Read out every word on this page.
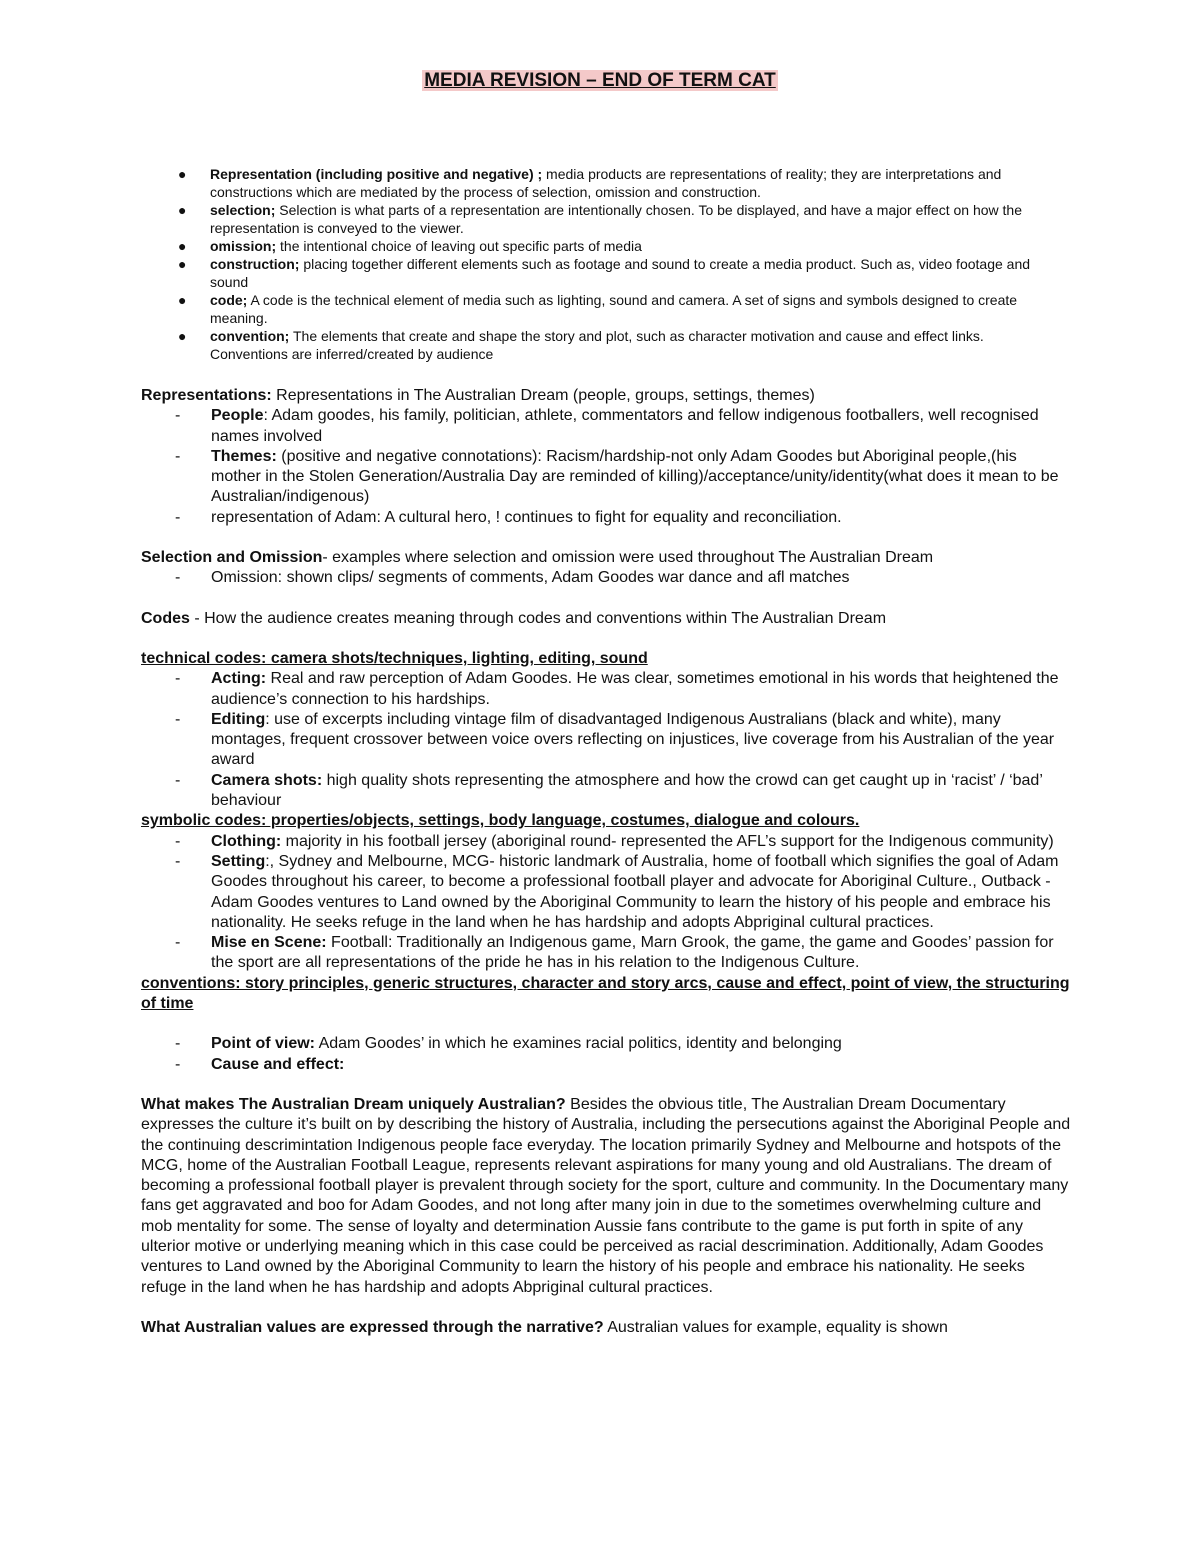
MEDIA REVISION – END OF TERM CAT

● Representation (including positive and negative) ; media products are representations of reality; they are interpretations and constructions which are mediated by the process of selection, omission and construction.

● selection; Selection is what parts of a representation are intentionally chosen. To be displayed, and have a major effect on how the representation is conveyed to the viewer.

● omission; the intentional choice of leaving out specific parts of media

● construction; placing together different elements such as footage and sound to create a media product. Such as, video footage and sound

● code; A code is the technical element of media such as lighting, sound and camera. A set of signs and symbols designed to create meaning.

● convention; The elements that create and shape the story and plot, such as character motivation and cause and effect links. Conventions are inferred/created by audience

Representations: Representations in The Australian Dream (people, groups, settings, themes)

- People: Adam goodes, his family, politician, athlete, commentators and fellow indigenous footballers, well recognised names involved

- Themes: (positive and negative connotations): Racism/hardship-not only Adam Goodes but Aboriginal people,(his mother in the Stolen Generation/Australia Day are reminded of killing)/acceptance/unity/identity(what does it mean to be Australian/indigenous)

- representation of Adam: A cultural hero, ! continues to fight for equality and reconciliation.

Selection and Omission- examples where selection and omission were used throughout The Australian Dream

- Omission: shown clips/ segments of comments, Adam Goodes war dance and afl matches

Codes - How the audience creates meaning through codes and conventions within The Australian Dream

technical codes: camera shots/techniques, lighting, editing, sound

- Acting: Real and raw perception of Adam Goodes. He was clear, sometimes emotional in his words that heightened the audience’s connection to his hardships.

- Editing: use of excerpts including vintage film of disadvantaged Indigenous Australians (black and white), many montages, frequent crossover between voice overs reflecting on injustices, live coverage from his Australian of the year award

- Camera shots: high quality shots representing the atmosphere and how the crowd can get caught up in ‘racist’ / ‘bad’ behaviour

symbolic codes: properties/objects, settings, body language, costumes, dialogue and colours.

- Clothing: majority in his football jersey (aboriginal round- represented the AFL’s support for the Indigenous community)

- Setting:, Sydney and Melbourne, MCG- historic landmark of Australia, home of football which signifies the goal of Adam Goodes throughout his career, to become a professional football player and advocate for Aboriginal Culture., Outback - Adam Goodes ventures to Land owned by the Aboriginal Community to learn the history of his people and embrace his nationality. He seeks refuge in the land when he has hardship and adopts Abpriginal cultural practices.

- Mise en Scene: Football: Traditionally an Indigenous game, Marn Grook, the game, the game and Goodes’ passion for the sport are all representations of the pride he has in his relation to the Indigenous Culture.

conventions: story principles, generic structures, character and story arcs, cause and effect, point of view, the structuring of time

- Point of view: Adam Goodes’ in which he examines racial politics, identity and belonging

- Cause and effect:

What makes The Australian Dream uniquely Australian? Besides the obvious title, The Australian Dream Documentary expresses the culture it’s built on by describing the history of Australia, including the persecutions against the Aboriginal People and the continuing descrimintation Indigenous people face everyday. The location primarily Sydney and Melbourne and hotspots of the MCG, home of the Australian Football League, represents relevant aspirations for many young and old Australians. The dream of becoming a professional football player is prevalent through society for the sport, culture and community. In the Documentary many fans get aggravated and boo for Adam Goodes, and not long after many join in due to the sometimes overwhelming culture and mob mentality for some. The sense of loyalty and determination Aussie fans contribute to the game is put forth in spite of any ulterior motive or underlying meaning which in this case could be perceived as racial descrimination. Additionally, Adam Goodes ventures to Land owned by the Aboriginal Community to learn the history of his people and embrace his nationality. He seeks refuge in the land when he has hardship and adopts Abpriginal cultural practices.

What Australian values are expressed through the narrative? Australian values for example, equality is shown
